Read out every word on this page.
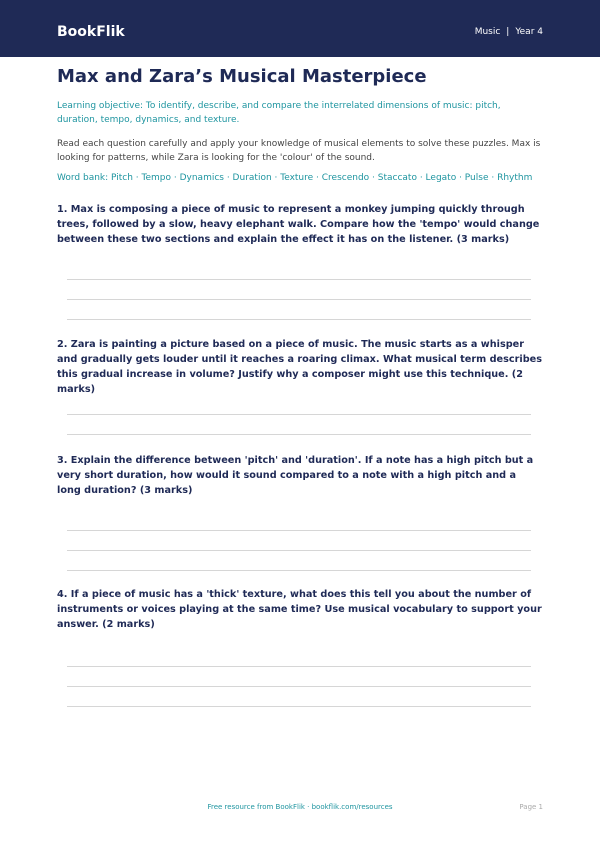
BookFlik	Music | Year 4
Max and Zara’s Musical Masterpiece
Learning objective: To identify, describe, and compare the interrelated dimensions of music: pitch, duration, tempo, dynamics, and texture.
Read each question carefully and apply your knowledge of musical elements to solve these puzzles. Max is looking for patterns, while Zara is looking for the 'colour' of the sound.
Word bank: Pitch · Tempo · Dynamics · Duration · Texture · Crescendo · Staccato · Legato · Pulse · Rhythm
1. Max is composing a piece of music to represent a monkey jumping quickly through trees, followed by a slow, heavy elephant walk. Compare how the 'tempo' would change between these two sections and explain the effect it has on the listener. (3 marks)
2. Zara is painting a picture based on a piece of music. The music starts as a whisper and gradually gets louder until it reaches a roaring climax. What musical term describes this gradual increase in volume? Justify why a composer might use this technique. (2 marks)
3. Explain the difference between 'pitch' and 'duration'. If a note has a high pitch but a very short duration, how would it sound compared to a note with a high pitch and a long duration? (3 marks)
4. If a piece of music has a 'thick' texture, what does this tell you about the number of instruments or voices playing at the same time? Use musical vocabulary to support your answer. (2 marks)
Free resource from BookFlik · bookflik.com/resources	Page 1
